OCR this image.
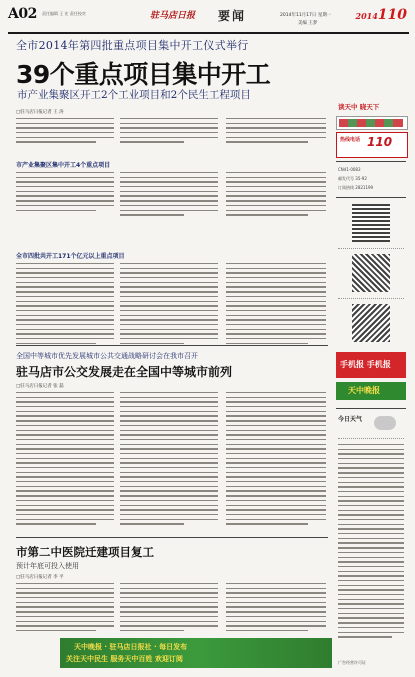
A02 责任编辑 王 宏 责任校对	驻马店日报 要闻	2014年11月17日 星期一
美编 王梦
2014110
全市2014年第四批重点项目集中开工仪式举行
39个重点项目集中开工
市产业集聚区开工2个工业项目和2个民生工程项目
□驻马店日报记者 王 涛
市产业集聚区集中开工4个重点项目
全市四批共开工171个亿元以上重点项目
全国中等城市优先发展城市公共交通战略研讨会在我市召开
驻马店市公交发展走在全国中等城市前列
□驻马店日报记者 张 磊
市第二中医院迁建项目复工
预计年底可投入使用
□驻马店日报记者 李 平
天中晚报 · 驻马店日报社 · 每日发布
关注天中民生 服务天中百姓 欢迎订阅
读天中 晓天下
热线电话 110
CN41-0083
邮发代号 35-92
订阅热线 2821199
手机报 手机报
天中晚报
今日天气
广告经营许可证
